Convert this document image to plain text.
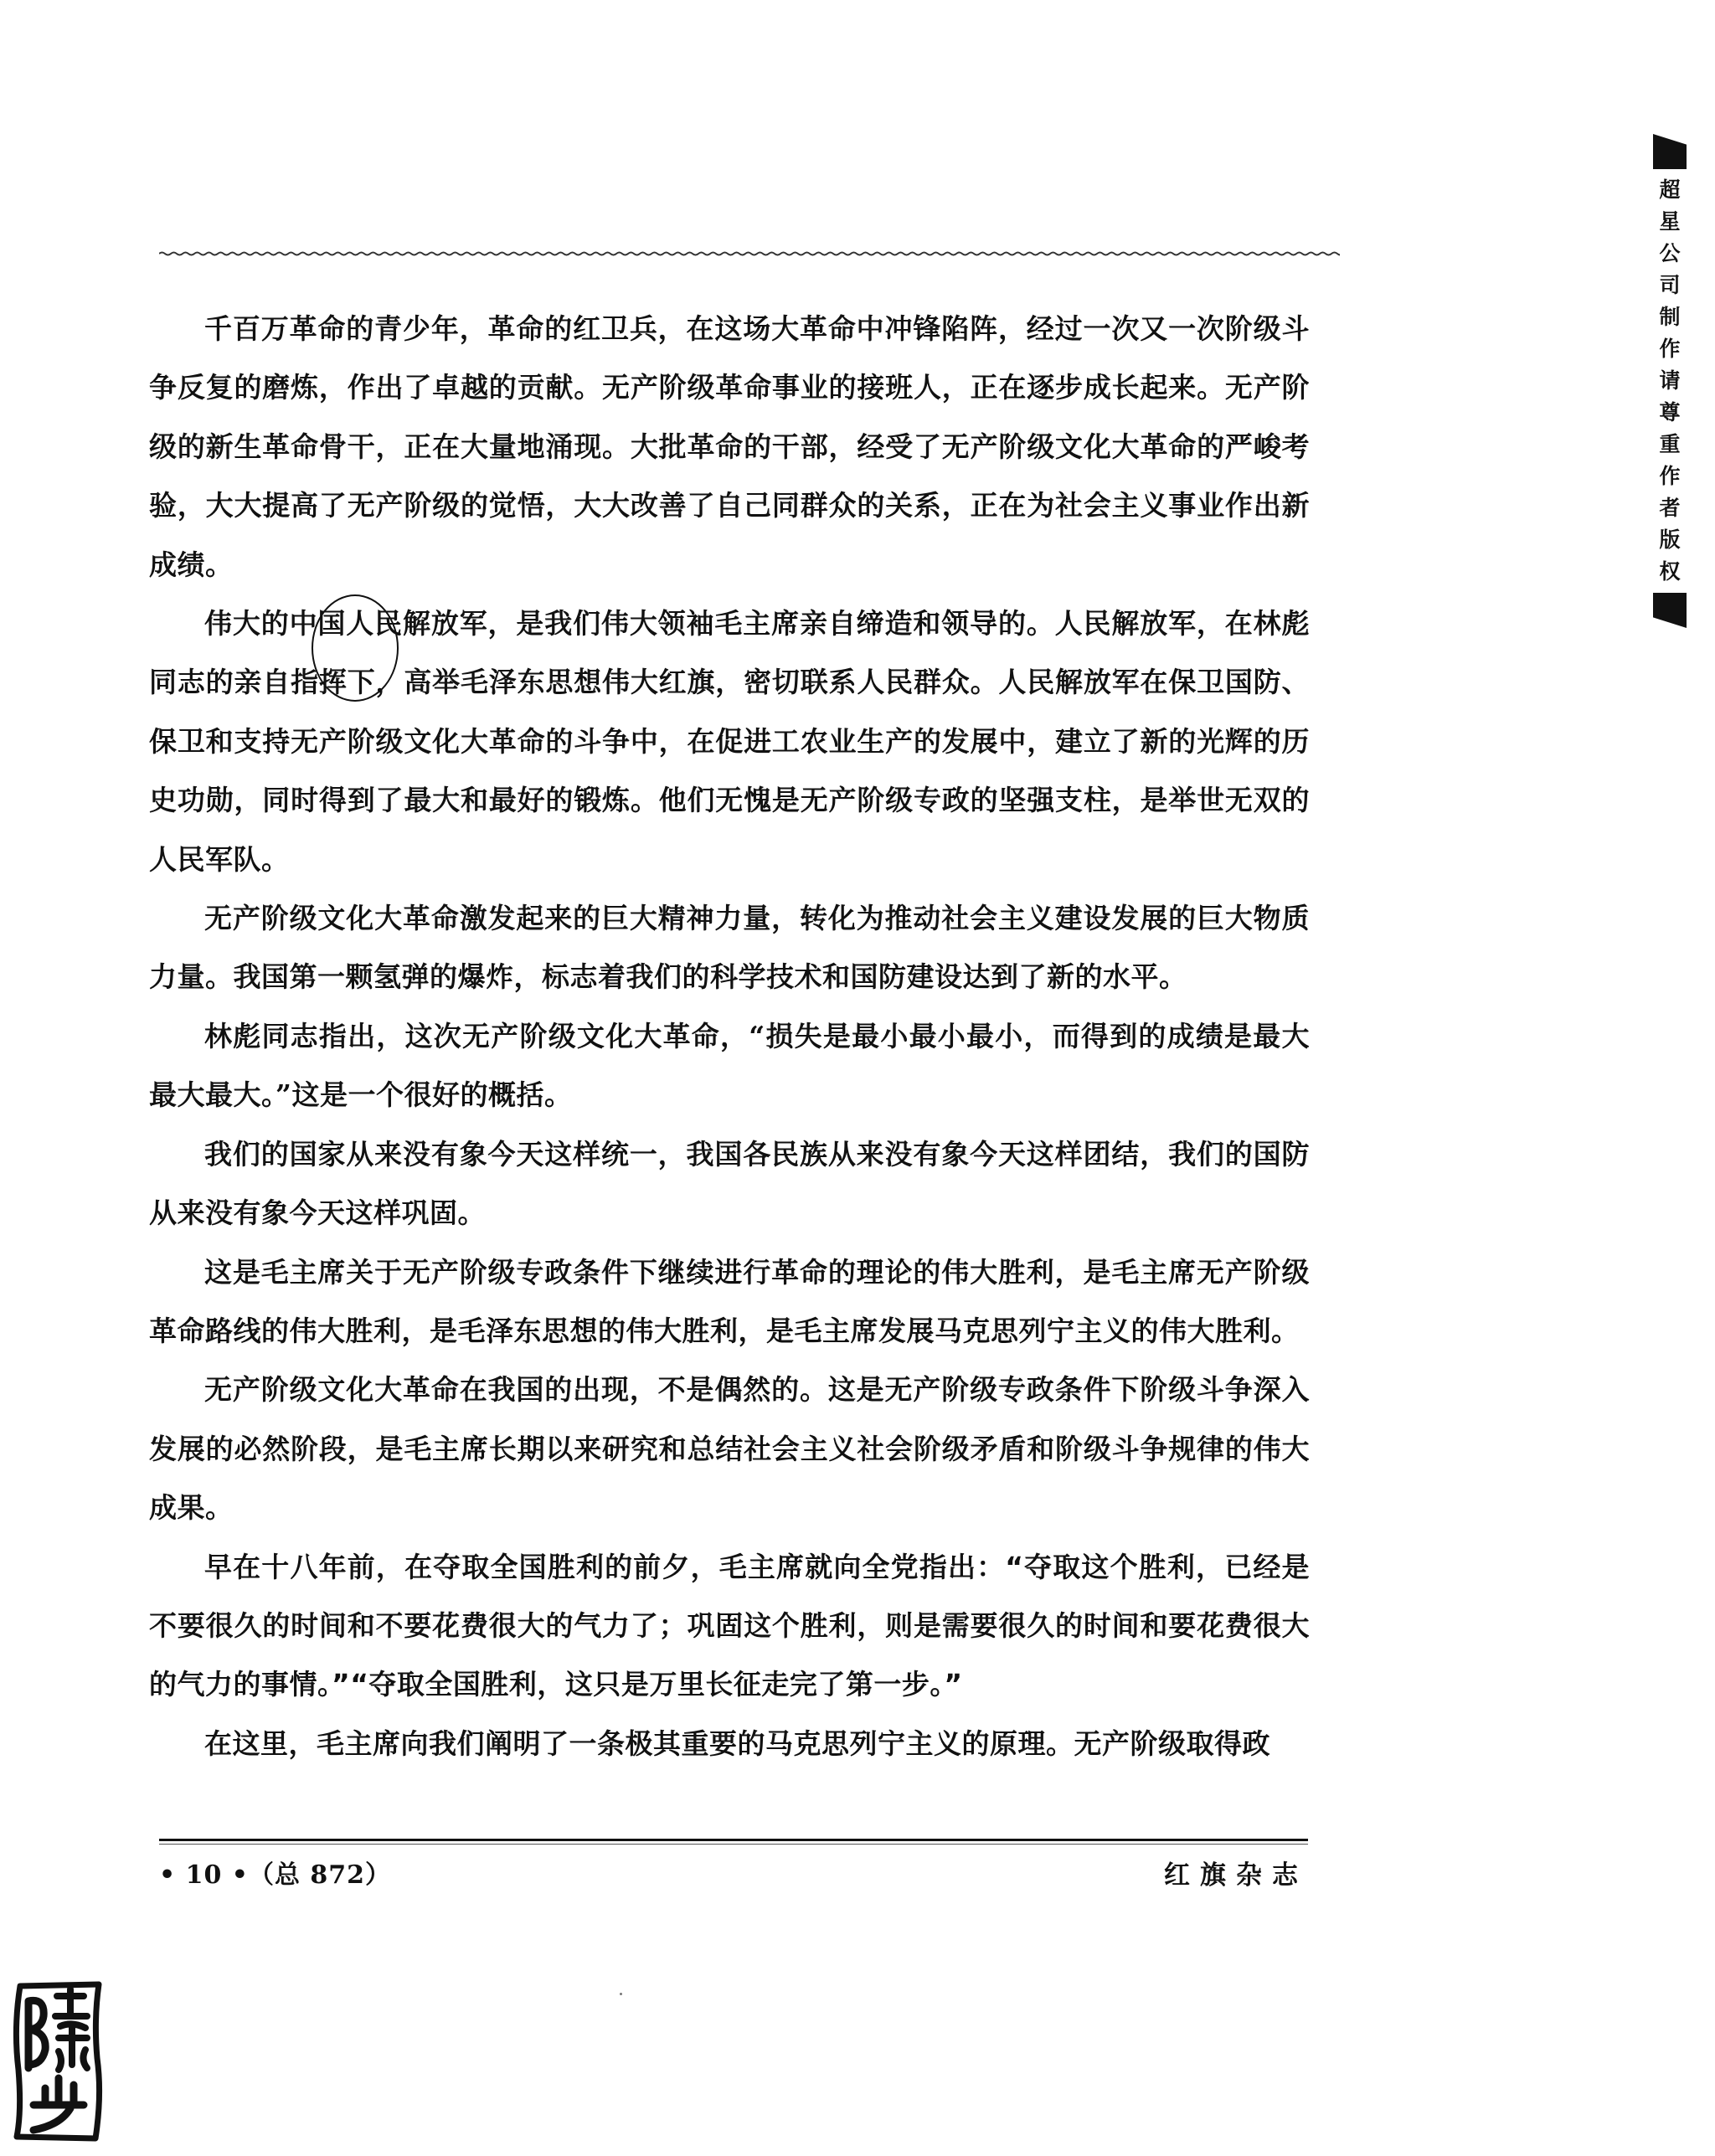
千百万革命的青少年，革命的红卫兵，在这场大革命中冲锋陷阵，经过一次又一次阶级斗争反复的磨炼，作出了卓越的贡献。无产阶级革命事业的接班人，正在逐步成长起来。无产阶级的新生革命骨干，正在大量地涌现。大批革命的干部，经受了无产阶级文化大革命的严峻考验，大大提高了无产阶级的觉悟，大大改善了自己同群众的关系，正在为社会主义事业作出新成绩。

伟大的中国人民解放军，是我们伟大领袖毛主席亲自缔造和领导的。人民解放军，在林彪同志的亲自指挥下，高举毛泽东思想伟大红旗，密切联系人民群众。人民解放军在保卫国防、保卫和支持无产阶级文化大革命的斗争中，在促进工农业生产的发展中，建立了新的光辉的历史功勋，同时得到了最大和最好的锻炼。他们无愧是无产阶级专政的坚强支柱，是举世无双的人民军队。

无产阶级文化大革命激发起来的巨大精神力量，转化为推动社会主义建设发展的巨大物质力量。我国第一颗氢弹的爆炸，标志着我们的科学技术和国防建设达到了新的水平。

林彪同志指出，这次无产阶级文化大革命，“损失是最小最小最小，而得到的成绩是最大最大最大。”这是一个很好的概括。

我们的国家从来没有象今天这样统一，我国各民族从来没有象今天这样团结，我们的国防从来没有象今天这样巩固。

这是毛主席关于无产阶级专政条件下继续进行革命的理论的伟大胜利，是毛主席无产阶级革命路线的伟大胜利，是毛泽东思想的伟大胜利，是毛主席发展马克思列宁主义的伟大胜利。

无产阶级文化大革命在我国的出现，不是偶然的。这是无产阶级专政条件下阶级斗争深入发展的必然阶段，是毛主席长期以来研究和总结社会主义社会阶级矛盾和阶级斗争规律的伟大成果。

早在十八年前，在夺取全国胜利的前夕，毛主席就向全党指出：“夺取这个胜利，已经是不要很久的时间和不要花费很大的气力了；巩固这个胜利，则是需要很久的时间和要花费很大的气力的事情。”“夺取全国胜利，这只是万里长征走完了第一步。”

在这里，毛主席向我们阐明了一条极其重要的马克思列宁主义的原理。无产阶级取得政

• 10 •（总 872）	红旗杂志
超
星
公
司
制
作
请
尊
重
作
者
版
权
